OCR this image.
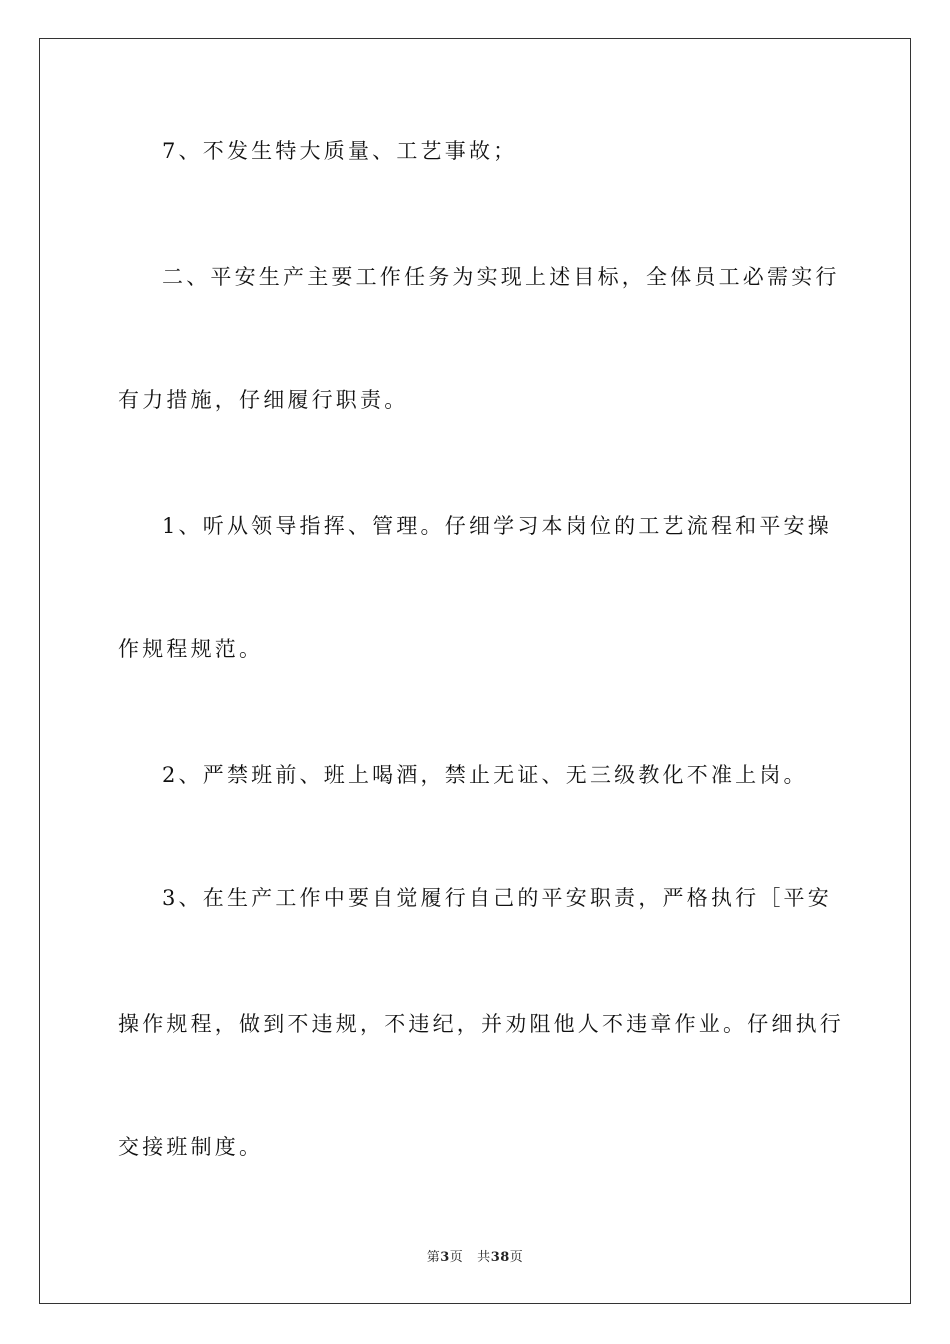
7、不发生特大质量、工艺事故；
二、平安生产主要工作任务为实现上述目标，全体员工必需实行
有力措施，仔细履行职责。
1、听从领导指挥、管理。仔细学习本岗位的工艺流程和平安操
作规程规范。
2、严禁班前、班上喝酒，禁止无证、无三级教化不准上岗。
3、在生产工作中要自觉履行自己的平安职责，严格执行［平安
操作规程，做到不违规，不违纪，并劝阻他人不违章作业。仔细执行
交接班制度。
第3页 共38页
